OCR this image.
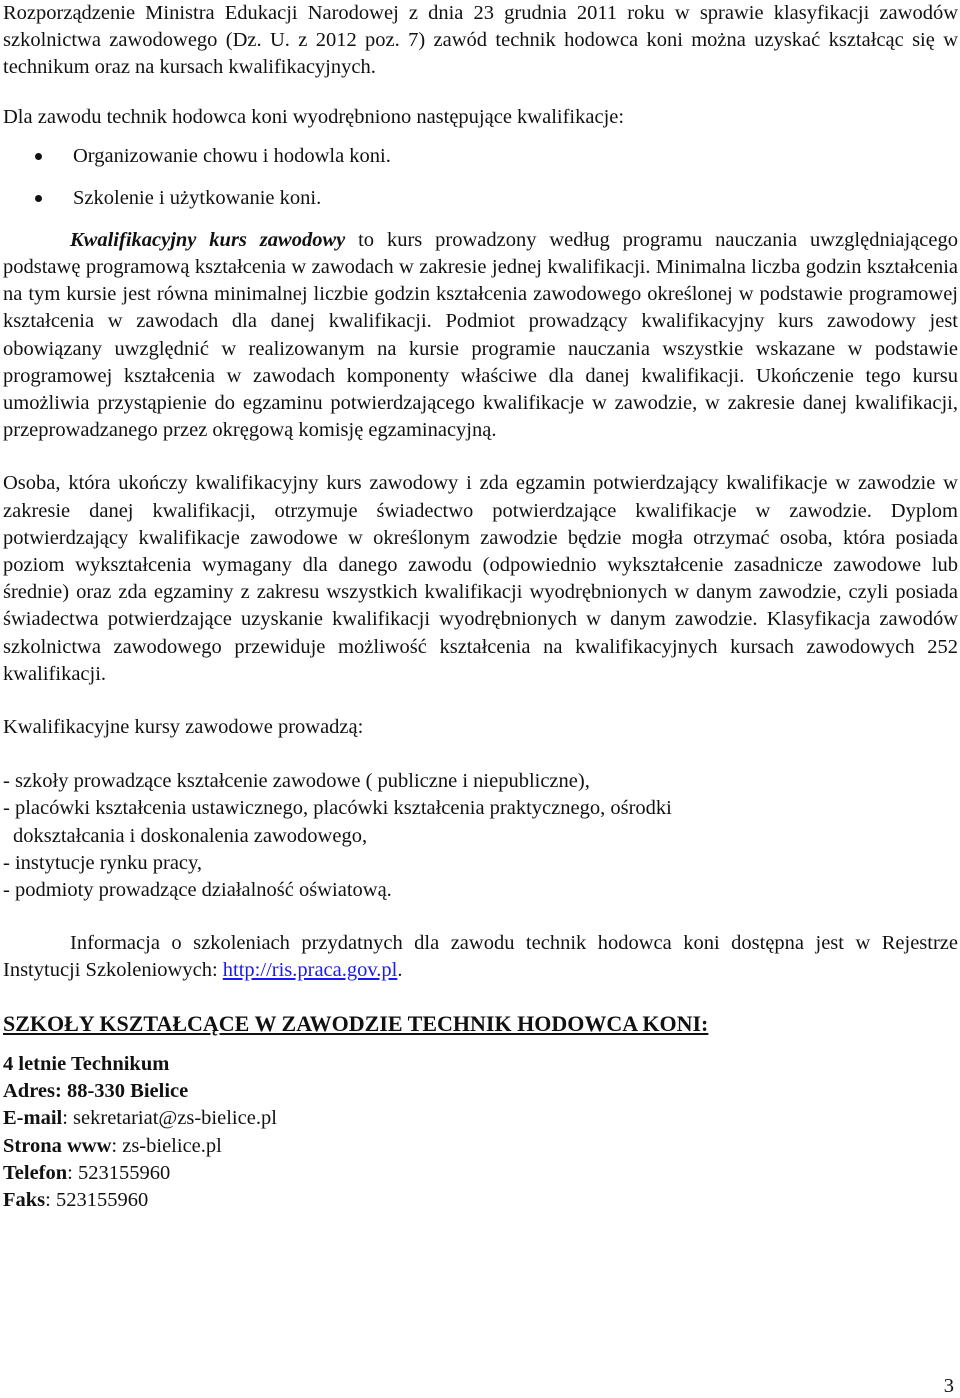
Rozporządzenie Ministra Edukacji Narodowej z dnia 23 grudnia 2011 roku w sprawie klasyfikacji zawodów szkolnictwa zawodowego (Dz. U. z 2012 poz. 7) zawód technik hodowca koni można uzyskać kształcąc się w technikum oraz na kursach kwalifikacyjnych.

Dla zawodu technik hodowca koni wyodrębniono następujące kwalifikacje:

Organizowanie chowu i hodowla koni.
Szkolenie i użytkowanie koni.

Kwalifikacyjny kurs zawodowy to kurs prowadzony według programu nauczania uwzględniającego podstawę programową kształcenia w zawodach w zakresie jednej kwalifikacji. Minimalna liczba godzin kształcenia na tym kursie jest równa minimalnej liczbie godzin kształcenia zawodowego określonej w podstawie programowej kształcenia w zawodach dla danej kwalifikacji. Podmiot prowadzący kwalifikacyjny kurs zawodowy jest obowiązany uwzględnić w realizowanym na kursie programie nauczania wszystkie wskazane w podstawie programowej kształcenia w zawodach komponenty właściwe dla danej kwalifikacji. Ukończenie tego kursu umożliwia przystąpienie do egzaminu potwierdzającego kwalifikacje w zawodzie, w zakresie danej kwalifikacji, przeprowadzanego przez okręgową komisję egzaminacyjną.

Osoba, która ukończy kwalifikacyjny kurs zawodowy i zda egzamin potwierdzający kwalifikacje w zawodzie w zakresie danej kwalifikacji, otrzymuje świadectwo potwierdzające kwalifikacje w zawodzie. Dyplom potwierdzający kwalifikacje zawodowe w określonym zawodzie będzie mogła otrzymać osoba, która posiada poziom wykształcenia wymagany dla danego zawodu (odpowiednio wykształcenie zasadnicze zawodowe lub średnie) oraz zda egzaminy z zakresu wszystkich kwalifikacji wyodrębnionych w danym zawodzie, czyli posiada świadectwa potwierdzające uzyskanie kwalifikacji wyodrębnionych w danym zawodzie. Klasyfikacja zawodów szkolnictwa zawodowego przewiduje możliwość kształcenia na kwalifikacyjnych kursach zawodowych 252 kwalifikacji.

Kwalifikacyjne kursy zawodowe prowadzą:

- szkoły prowadzące kształcenie zawodowe ( publiczne i niepubliczne),
- placówki kształcenia ustawicznego, placówki kształcenia praktycznego, ośrodki
dokształcania i doskonalenia zawodowego,
- instytucje rynku pracy,
- podmioty prowadzące działalność oświatową.

Informacja o szkoleniach przydatnych dla zawodu technik hodowca koni dostępna jest w Rejestrze Instytucji Szkoleniowych: http://ris.praca.gov.pl.

SZKOŁY KSZTAŁCĄCE W ZAWODZIE TECHNIK HODOWCA KONI:
4 letnie Technikum
Adres: 88-330 Bielice
E-mail: sekretariat@zs-bielice.pl
Strona www: zs-bielice.pl
Telefon: 523155960
Faks: 523155960
3
